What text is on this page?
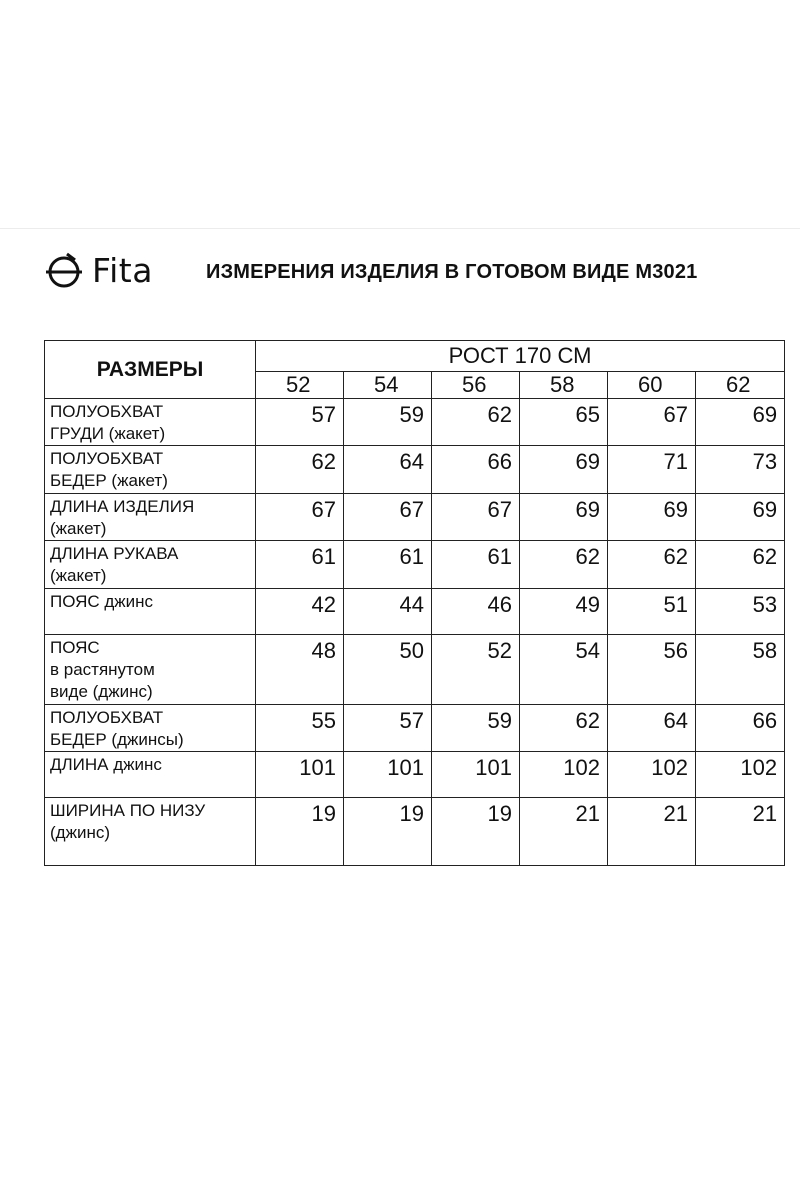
Fita	ИЗМЕРЕНИЯ ИЗДЕЛИЯ В ГОТОВОМ ВИДЕ М3021
РАЗМЕРЫ	РОСТ 170 СМ					
	52	54	56	58	60	62

ПОЛУОБХВАТ
ГРУДИ (жакет)	57	59	62	65	67	69

ПОЛУОБХВАТ
БЕДЕР (жакет)	62	64	66	69	71	73

ДЛИНА ИЗДЕЛИЯ
(жакет)	67	67	67	69	69	69

ДЛИНА РУКАВА
(жакет)	61	61	61	62	62	62

ПОЯС джинс	42	44	46	49	51	53

ПОЯС
в растянутом
виде (джинс)	48	50	52	54	56	58

ПОЛУОБХВАТ
БЕДЕР (джинсы)	55	57	59	62	64	66

ДЛИНА джинс	101	101	101	102	102	102

ШИРИНА ПО НИЗУ
(джинс)	19	19	19	21	21	21
